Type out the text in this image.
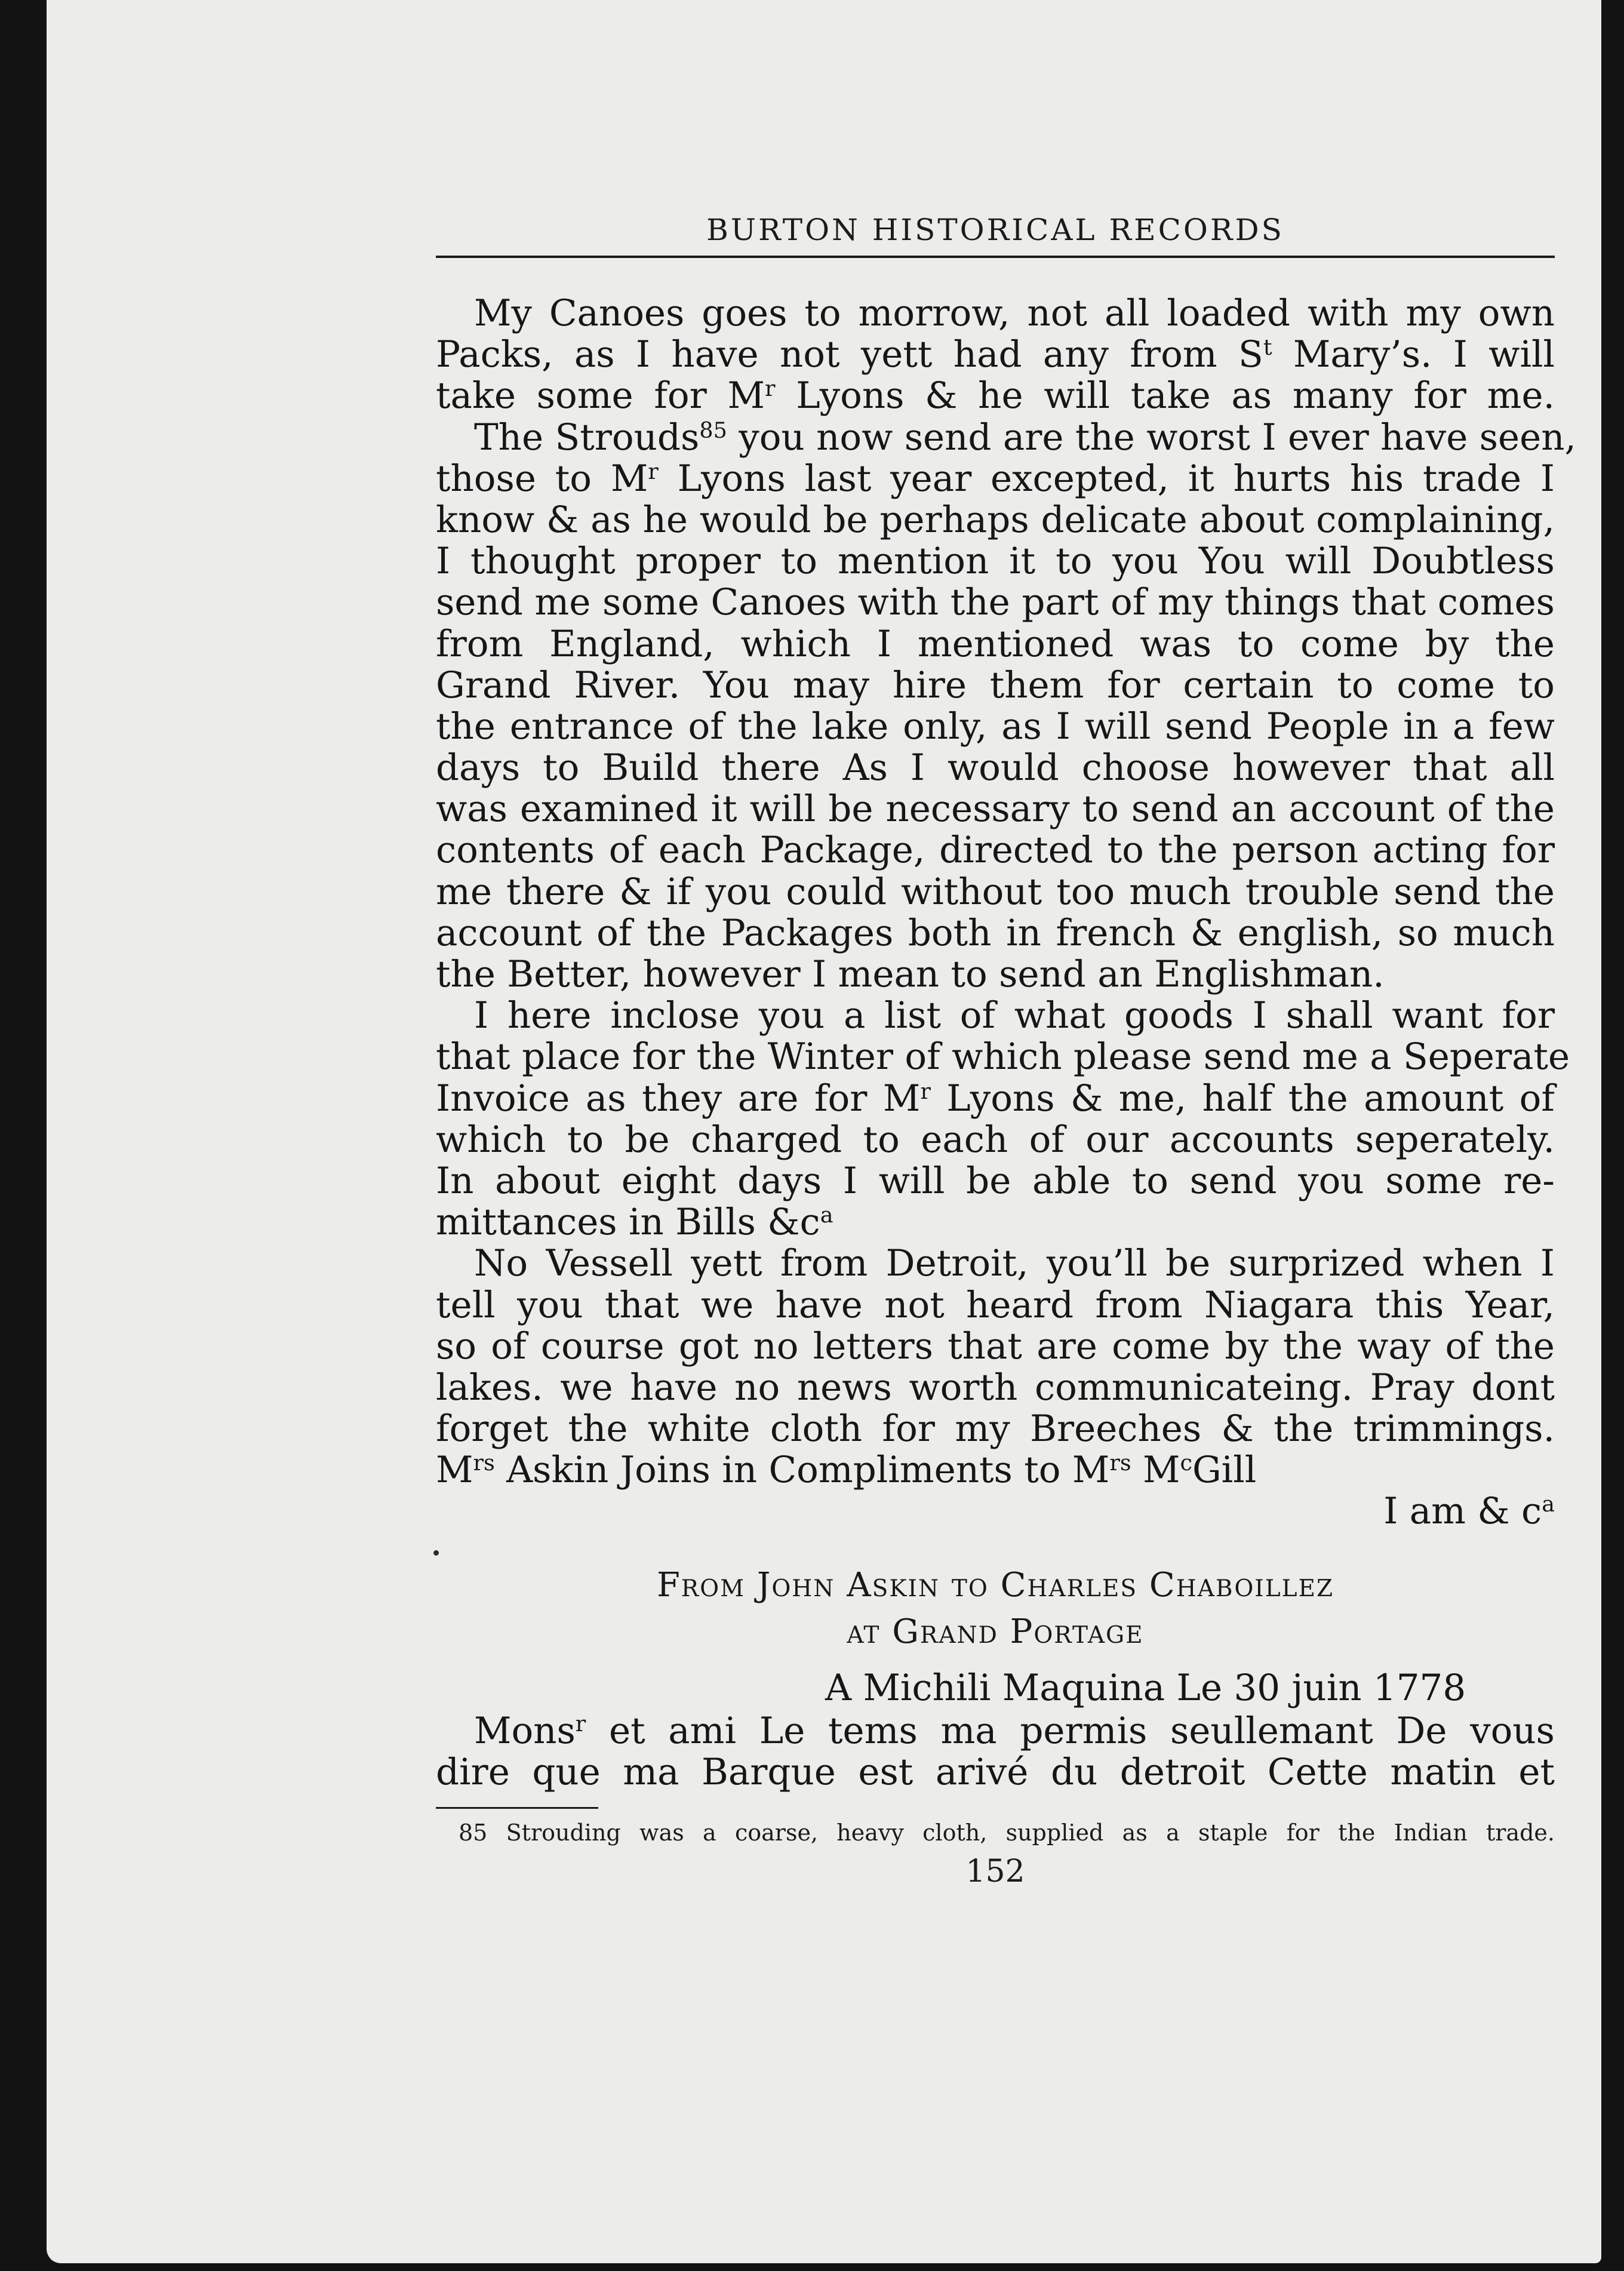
BURTON HISTORICAL RECORDS
My Canoes goes to morrow, not all loaded with my own
Packs, as I have not yett had any from $S^t$ Mary’s. I will
take some for $M^r$ Lyons & he will take as many for me.
The Strouds$^{85}$ you now send are the worst I ever have seen,
those to $M^r$ Lyons last year excepted, it hurts his trade I
know & as he would be perhaps delicate about complaining,
I thought proper to mention it to you You will Doubtless
send me some Canoes with the part of my things that comes
from England, which I mentioned was to come by the
Grand River. You may hire them for certain to come to
the entrance of the lake only, as I will send People in a few
days to Build there As I would choose however that all
was examined it will be necessary to send an account of the
contents of each Package, directed to the person acting for
me there & if you could without too much trouble send the
account of the Packages both in french & english, so much
the Better, however I mean to send an Englishman.
I here inclose you a list of what goods I shall want for
that place for the Winter of which please send me a Seperate
Invoice as they are for $M^r$ Lyons & me, half the amount of
which to be charged to each of our accounts seperately.
In about eight days I will be able to send you some re-
mittances in Bills $\&c^a$
No Vessell yett from Detroit, you’ll be surprized when I
tell you that we have not heard from Niagara this Year,
so of course got no letters that are come by the way of the
lakes. we have no news worth communicateing. Pray dont
forget the white cloth for my Breeches & the trimmings.
$M^{rs}$ Askin Joins in Compliments to $M^{rs}$ $M^cGill$
I am & $c^a$
From John Askin to Charles Chaboillez
at Grand Portage
A Michili Maquina Le 30 juin 1778
Mons$^r$ et ami Le tems ma permis seullemant De vous
dire que ma Barque est arivé du detroit Cette matin et
85 Strouding was a coarse, heavy cloth, supplied as a staple for the Indian trade.
152
